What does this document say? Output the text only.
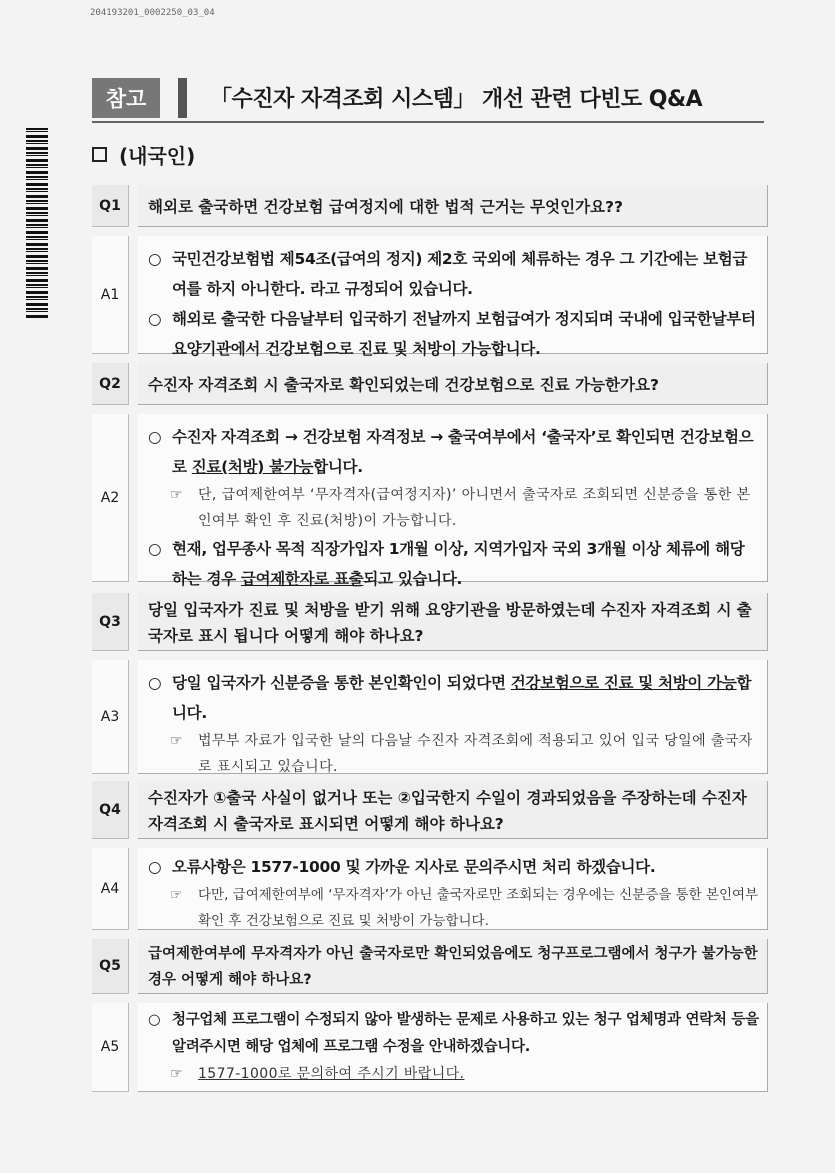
204193201_0002250_03_04
참고	「수진자 자격조회 시스템」 개선 관련 다빈도 Q&A
(내국인)
Q1	해외로 출국하면 건강보험 급여정지에 대한 법적 근거는 무엇인가요??
A1
○ 국민건강보험법 제54조(급여의 정지) 제2호 국외에 체류하는 경우 그 기간에는 보험급여를 하지 아니한다. 라고 규정되어 있습니다.
○ 해외로 출국한 다음날부터 입국하기 전날까지 보험급여가 정지되며 국내에 입국한날부터 요양기관에서 건강보험으로 진료 및 처방이 가능합니다.
Q2	수진자 자격조회 시 출국자로 확인되었는데 건강보험으로 진료 가능한가요?
A2
○ 수진자 자격조회 → 건강보험 자격정보 → 출국여부에서 ‘출국자’로 확인되면 건강보험으로 진료(처방) 불가능합니다.
☞	단, 급여제한여부 ‘무자격자(급여정지자)’ 아니면서 출국자로 조회되면 신분증을 통한 본인여부 확인 후 진료(처방)이 가능합니다.
○ 현재, 업무종사 목적 직장가입자 1개월 이상, 지역가입자 국외 3개월 이상 체류에 해당하는 경우 급여제한자로 표출되고 있습니다.
Q3
당일 입국자가 진료 및 처방을 받기 위해 요양기관을 방문하였는데 수진자 자격조회 시 출국자로 표시 됩니다 어떻게 해야 하나요?
A3
○ 당일 입국자가 신분증을 통한 본인확인이 되었다면 건강보험으로 진료 및 처방이 가능합니다.
☞	법무부 자료가 입국한 날의 다음날 수진자 자격조회에 적용되고 있어 입국 당일에 출국자로 표시되고 있습니다.
Q4
수진자가 ①출국 사실이 없거나 또는 ②입국한지 수일이 경과되었음을 주장하는데 수진자 자격조회 시 출국자로 표시되면 어떻게 해야 하나요?
A4
○ 오류사항은 1577-1000 및 가까운 지사로 문의주시면 처리 하겠습니다.
☞	다만, 급여제한여부에 ‘무자격자’가 아닌 출국자로만 조회되는 경우에는 신분증을 통한 본인여부 확인 후 건강보험으로 진료 및 처방이 가능합니다.
Q5
급여제한여부에 무자격자가 아닌 출국자로만 확인되었음에도 청구프로그램에서 청구가 불가능한 경우 어떻게 해야 하나요?
A5
○ 청구업체 프로그램이 수정되지 않아 발생하는 문제로 사용하고 있는 청구 업체명과 연락처 등을 알려주시면 해당 업체에 프로그램 수정을 안내하겠습니다.
☞	1577-1000로 문의하여 주시기 바랍니다.
